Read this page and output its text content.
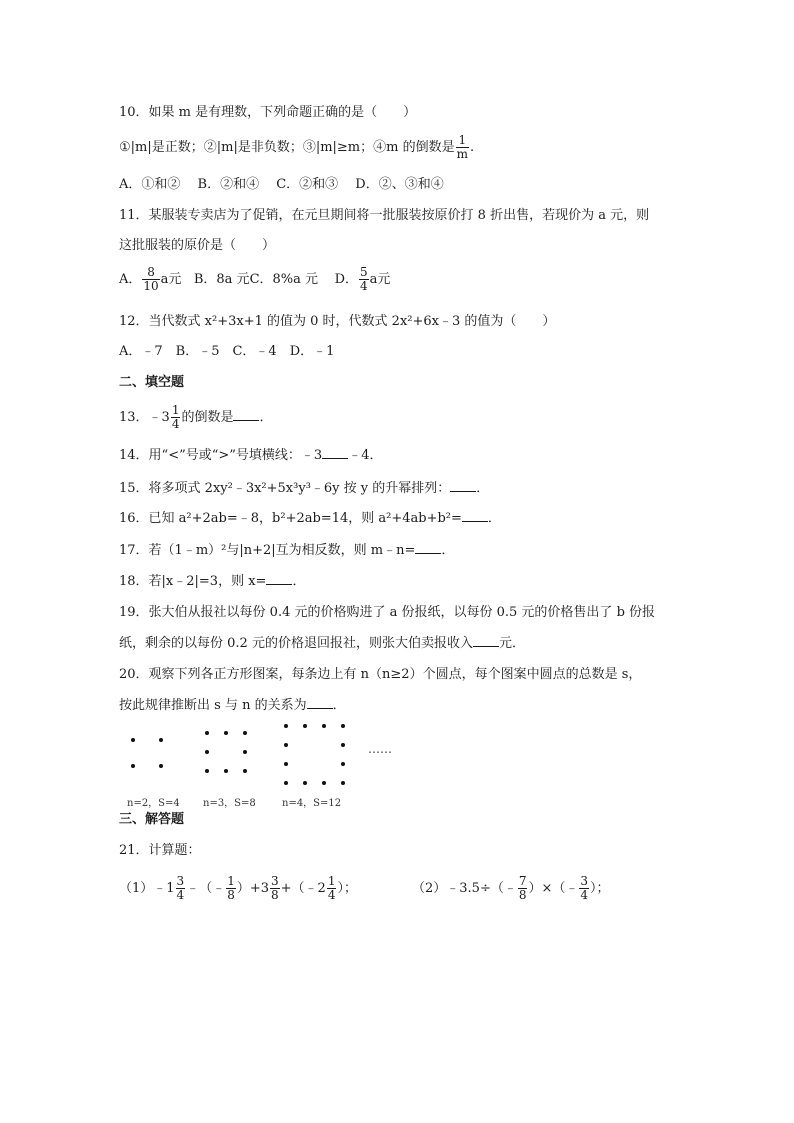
10．如果 m 是有理数，下列命题正确的是（　　）
①|m|是正数；②|m|是非负数；③|m|≥m；④m 的倒数是 $\frac{1}{m}$ .
A．①和②　 B．②和④　 C．②和③　 D．②、③和④
11．某服装专卖店为了促销，在元旦期间将一批服装按原价打 8 折出售，若现价为 a 元，则
这批服装的原价是（　　）
A． $\frac{8}{10}$ a元 B．8a 元C．8%a 元 D． $\frac{5}{4}$ a元
12．当代数式 x²+3x+1 的值为 0 时，代数式 2x²+6x﹣3 的值为（　　）
A．﹣7　B．﹣5　C．﹣4　D．﹣1
二、填空题
13．﹣3 $\frac{1}{4}$ 的倒数是 ．
14．用“<”号或“>”号填横线：﹣3 ﹣4．
15．将多项式 2xy²﹣3x²+5x³y³﹣6y 按 y 的升幂排列： ．
16．已知 a²+2ab=﹣8，b²+2ab=14，则 a²+4ab+b²= ．
17．若（1﹣m）²与|n+2|互为相反数，则 m﹣n= ．
18．若|x﹣2|=3，则 x= ．
19．张大伯从报社以每份 0.4 元的价格购进了 a 份报纸，以每份 0.5 元的价格售出了 b 份报
纸，剩余的以每份 0.2 元的价格退回报社，则张大伯卖报收入 元．
20．观察下列各正方形图案，每条边上有 n（n≥2）个圆点，每个图案中圆点的总数是 s，
按此规律推断出 s 与 n 的关系为 ．
……
n=2，S=4 n=3，S=8	n=4，S=12
三、解答题
21．计算题：
（1）﹣1 $\frac{3}{4}$ ﹣（﹣ $\frac{1}{8} )+3 \frac{3}{8}$ +（﹣2 $\frac{1}{4}$ ）；	（2）﹣3.5÷（﹣ $\frac{7}{8}$ ）×（﹣ $\frac{3}{4}$ ）；
